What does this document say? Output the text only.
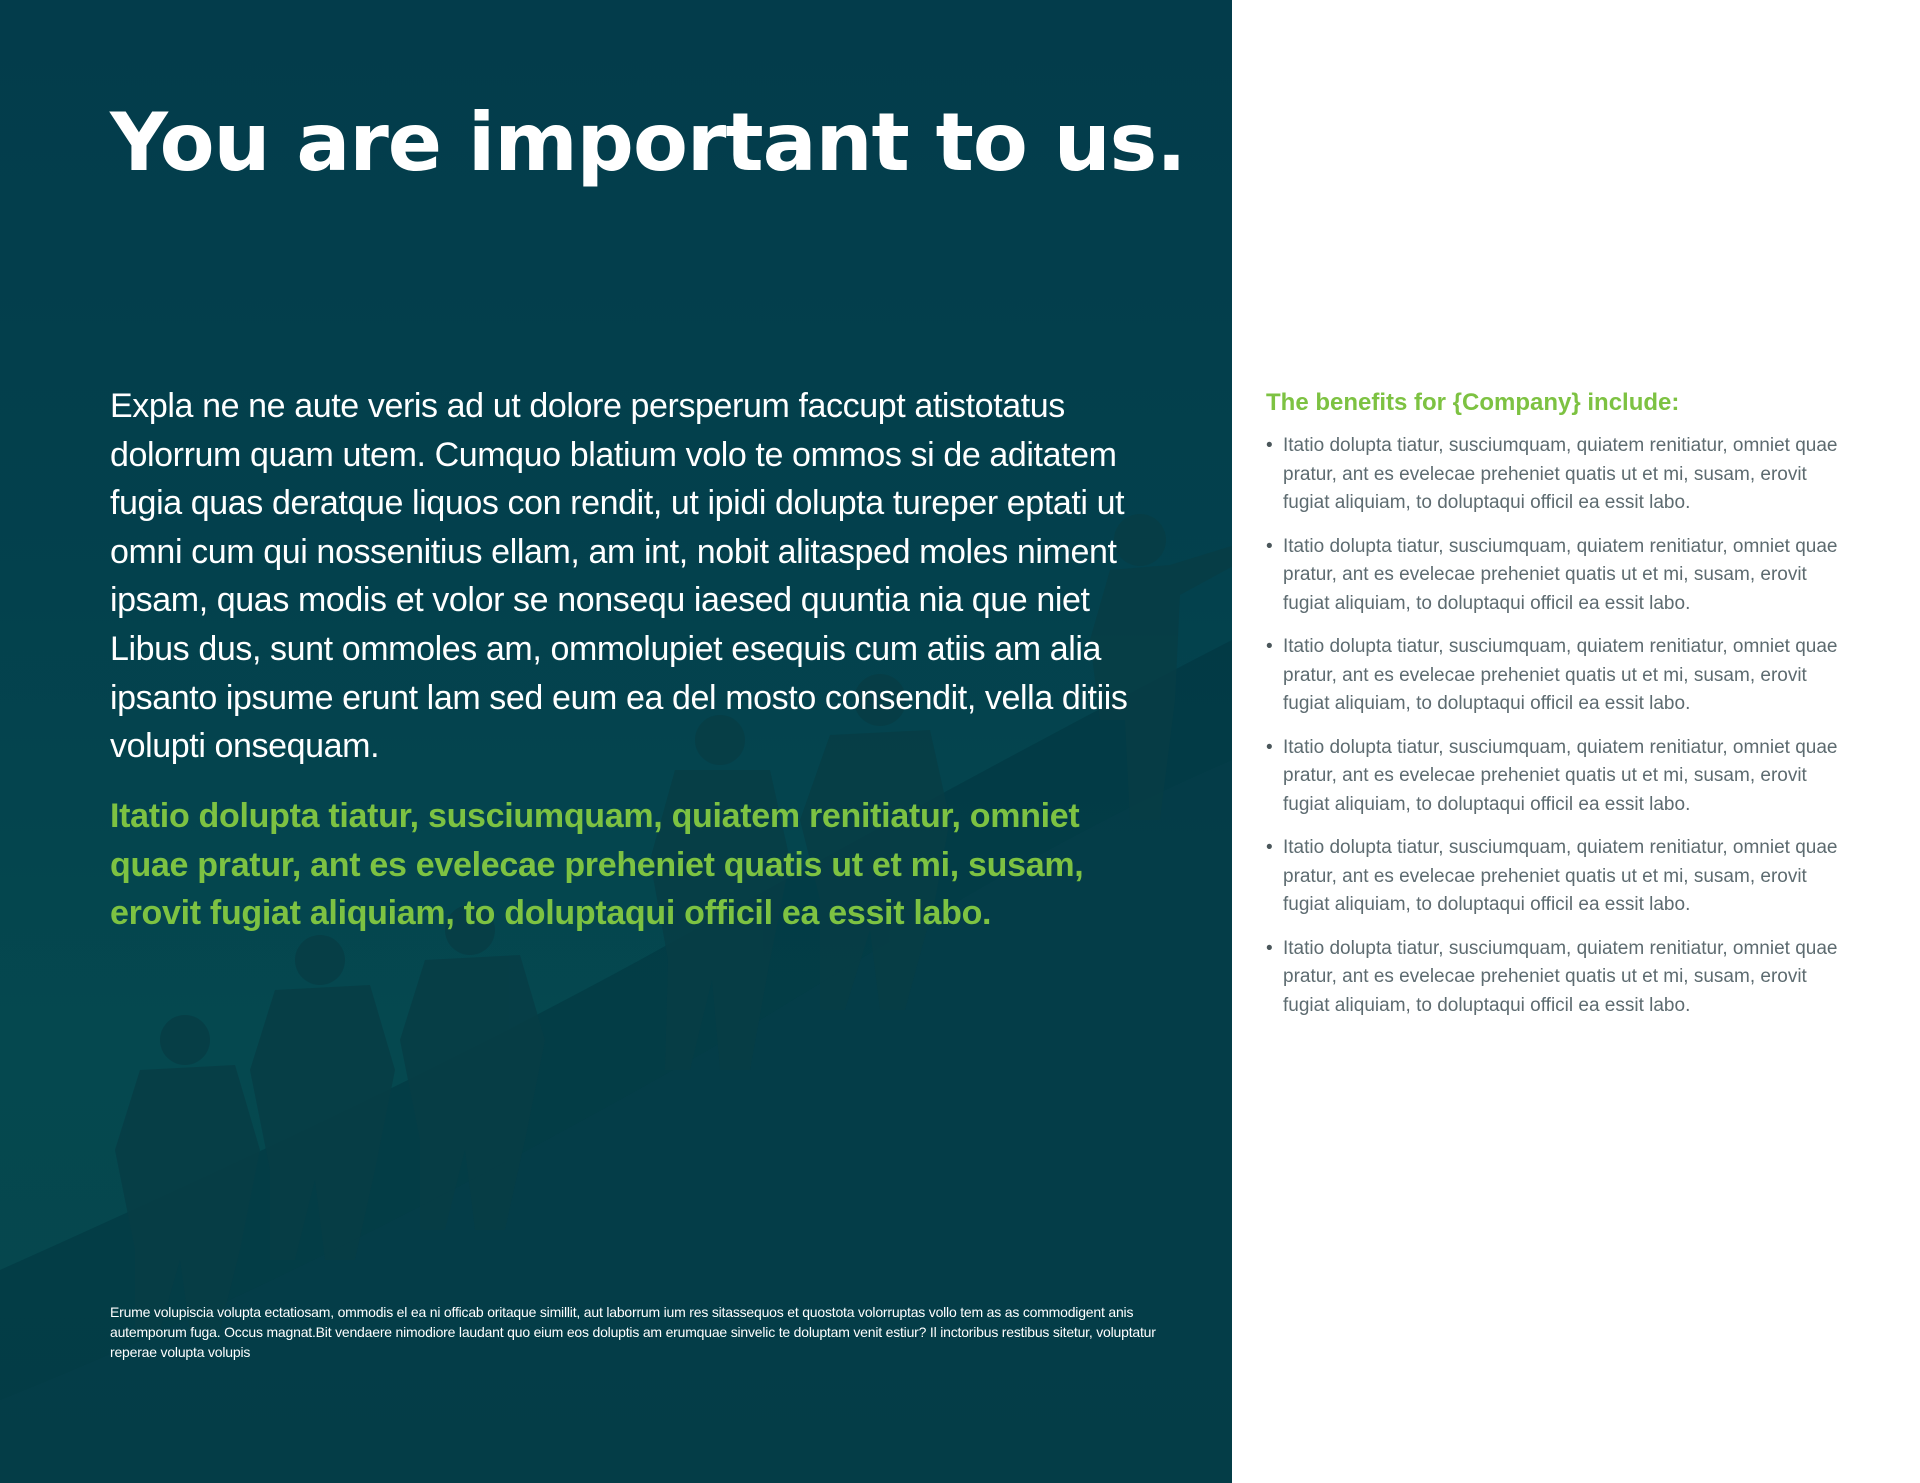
You are important to us.

Expla ne ne aute veris ad ut dolore persperum faccupt atistotatus dolorrum quam utem. Cumquo blatium volo te ommos si de aditatem fugia quas deratque liquos con rendit, ut ipidi dolupta tureper eptati ut omni cum qui nossenitius ellam, am int, nobit alitasped moles niment ipsam, quas modis et volor se nonsequ iaesed quuntia nia que niet Libus dus, sunt ommoles am, ommolupiet esequis cum atiis am alia ipsanto ipsume erunt lam sed eum ea del mosto consendit, vella ditiis volupti onsequam.

Itatio dolupta tiatur, susciumquam, quiatem renitiatur, omniet quae pratur, ant es evelecae preheniet quatis ut et mi, susam, erovit fugiat aliquiam, to doluptaqui officil ea essit labo.

Erume volupiscia volupta ectatiosam, ommodis el ea ni officab oritaque simillit, aut laborrum ium res sitassequos et quostota volorruptas vollo tem as as commodigent anis autemporum fuga. Occus magnat.Bit vendaere nimodiore laudant quo eium eos doluptis am erumquae sinvelic te doluptam venit estiur? Il inctoribus restibus sitetur, voluptatur reperae volupta volupis

The benefits for {Company} include:
• Itatio dolupta tiatur, susciumquam, quiatem renitiatur, omniet quae pratur, ant es evelecae preheniet quatis ut et mi, susam, erovit fugiat aliquiam, to doluptaqui officil ea essit labo.
• Itatio dolupta tiatur, susciumquam, quiatem renitiatur, omniet quae pratur, ant es evelecae preheniet quatis ut et mi, susam, erovit fugiat aliquiam, to doluptaqui officil ea essit labo.
• Itatio dolupta tiatur, susciumquam, quiatem renitiatur, omniet quae pratur, ant es evelecae preheniet quatis ut et mi, susam, erovit fugiat aliquiam, to doluptaqui officil ea essit labo.
• Itatio dolupta tiatur, susciumquam, quiatem renitiatur, omniet quae pratur, ant es evelecae preheniet quatis ut et mi, susam, erovit fugiat aliquiam, to doluptaqui officil ea essit labo.
• Itatio dolupta tiatur, susciumquam, quiatem renitiatur, omniet quae pratur, ant es evelecae preheniet quatis ut et mi, susam, erovit fugiat aliquiam, to doluptaqui officil ea essit labo.
• Itatio dolupta tiatur, susciumquam, quiatem renitiatur, omniet quae pratur, ant es evelecae preheniet quatis ut et mi, susam, erovit fugiat aliquiam, to doluptaqui officil ea essit labo.
